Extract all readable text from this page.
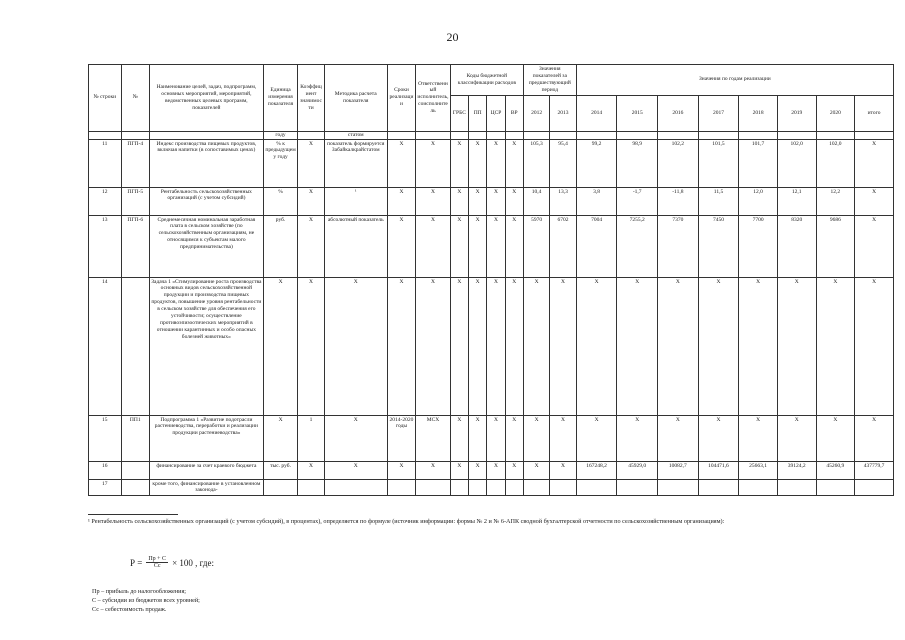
20
№ строки	№	Наименование целей, задач, подпрограмм, основных мероприятий, мероприятий, ведомственных целевых программ, показателей	Единица измерения показателя	Коэффициент значимости	Методика расчета показателя	Сроки реализации	Ответственный исполнитель, соисполнитель	Коды бюджетной классификации расходов				Значения показателей за предшествующий период		Значения по годам реализации							
								ГРБС	ПП	ЦСР	ВР	2012	2013	2014	2015	2016	2017	2018	2019	2020	итого
			году		статом																
11	ПГП-4	Индекс производства пищевых продуктов, включая напитки (в сопоставимых ценах)	% к предыдущему году	X	показатель формируется Забайкалкрайстатом	X	X	X	X	X	X	105,3	95,4	99,2	98,9	102,2	101,5	101,7	102,0	102,0	X
12	ПГП-5	Рентабельность сельскохозяйственных организаций (с учетом субсидий)	%	X	¹	X	X	X	X	X	X	10,4	13,3	3,8	-1,7	-11,8	11,5	12,0	12,1	12,2	X
13	ПГП-6	Среднемесячная номинальная заработная плата в сельском хозяйстве (по сельскохозяйственным организациям, не относящимся к субъектам малого предпринимательства)	руб.	X	абсолютный показатель	X	X	X	X	X	X	5970	6702	7004	7255,2	7370	7450	7700	8320	9686	X
14		Задача 1 «Стимулирование роста производства основных видов сельскохозяйственной продукции и производства пищевых продуктов, повышение уровня рентабельности в сельском хозяйстве для обеспечения его устойчивости; осуществление противоэпизоотических мероприятий в отношении карантинных и особо опасных болезней животных»	X	X	X	X	X	X	X	X	X	X	X	X	X	X	X	X	X	X	X
15	ПП1	Подпрограмма 1 «Развитие подотрасли растениеводства, переработки и реализации продукции растениеводства»	X	1	X	2014-2020 годы	МСХ	X	X	X	X	X	X	X	X	X	X	X	X	X	X
16		финансирование за счет краевого бюджета	тыс. руб.	X	X	X	X	X	X	X	X	X	X	167248,2	45929,0	10082,7	104471,6	25663,1	39124,2	45260,9	437779,7
17		кроме того, финансирование в установленном законода-																			
¹ Рентабельность сельскохозяйственных организаций (с учетом субсидий), в процентах), определяется по формуле (источник информации: формы № 2 и № 6-АПК сводной бухгалтерской отчетности по сельскохозяйственным организациям):
$Р = \frac{Пр + С}{Сс} \times 100$ , где:
Пр – прибыль до налогообложения;
С – субсидии из бюджетов всех уровней;
Сс – себестоимость продаж.
